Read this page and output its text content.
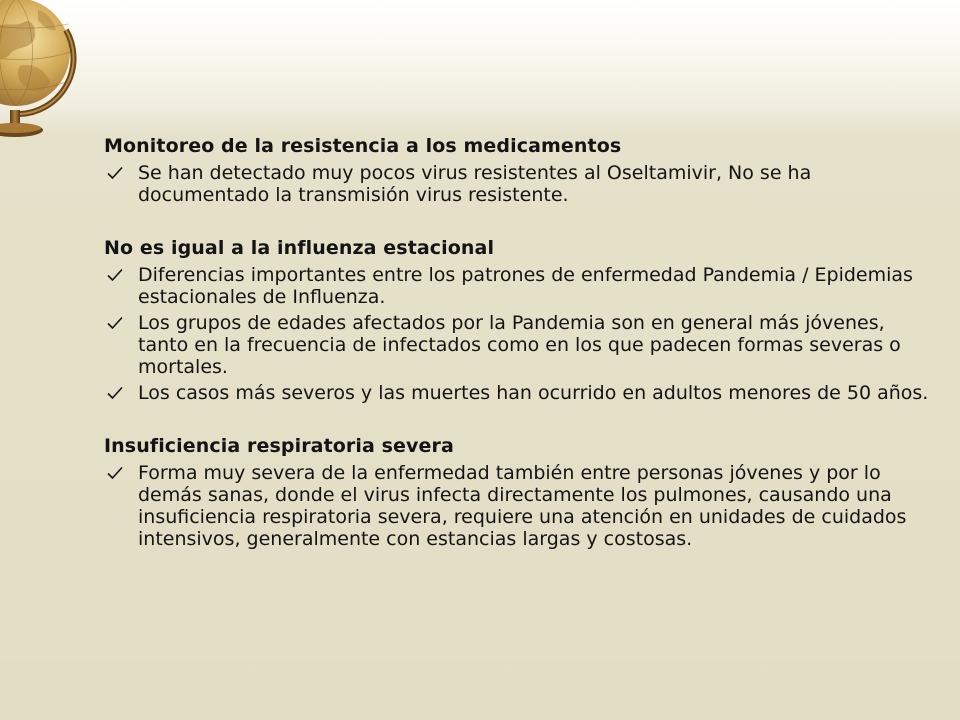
Monitoreo de la resistencia a los medicamentos

Se han detectado muy pocos virus resistentes al Oseltamivir, No se ha documentado la transmisión virus resistente.

No es igual a la influenza estacional

Diferencias importantes entre los patrones de enfermedad Pandemia / Epidemias estacionales de Influenza.
Los grupos de edades afectados por la Pandemia son en general más jóvenes, tanto en la frecuencia de infectados como en los que padecen formas severas o mortales.
Los casos más severos y las muertes han ocurrido en adultos menores de 50 años.

Insuficiencia respiratoria severa

Forma muy severa de la enfermedad también entre personas jóvenes y por lo demás sanas, donde el virus infecta directamente los pulmones, causando una insuficiencia respiratoria severa, requiere una atención en unidades de cuidados intensivos, generalmente con estancias largas y costosas.
